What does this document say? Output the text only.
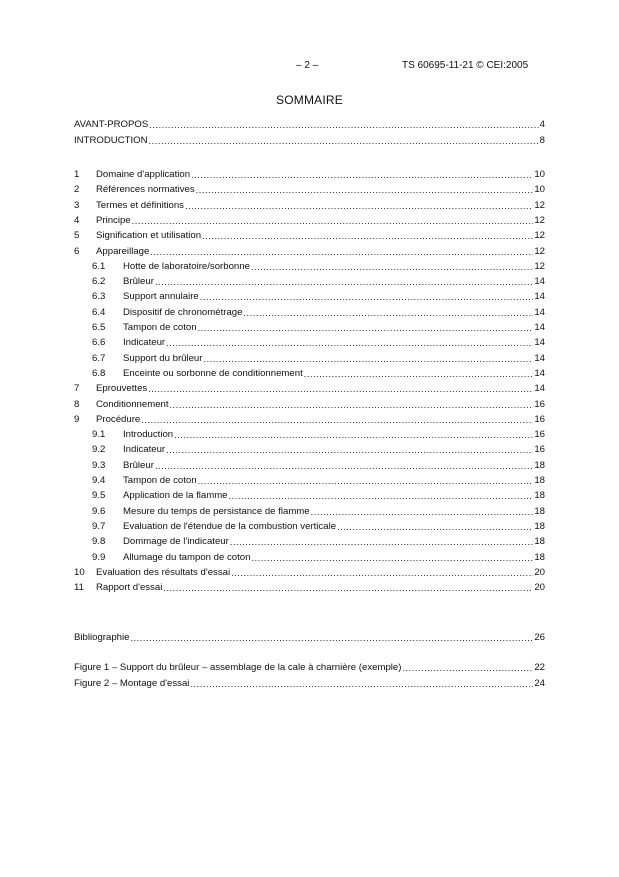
– 2 –	TS 60695-11-21 © CEI:2005
SOMMAIRE
AVANT-PROPOS .....	4
INTRODUCTION .....	8
1	Domaine d'application .....	10
2	Références normatives .....	10
3	Termes et définitions .....	12
4	Principe .....	12
5	Signification et utilisation .....	12
6	Appareillage .....	12
6.1	Hotte de laboratoire/sorbonne .....	12
6.2	Brûleur .....	14
6.3	Support annulaire .....	14
6.4	Dispositif de chronométrage .....	14
6.5	Tampon de coton .....	14
6.6	Indicateur .....	14
6.7	Support du brûleur .....	14
6.8	Enceinte ou sorbonne de conditionnement .....	14
7	Eprouvettes .....	14
8	Conditionnement .....	16
9	Procédure .....	16
9.1	Introduction .....	16
9.2	Indicateur .....	16
9.3	Brûleur .....	18
9.4	Tampon de coton .....	18
9.5	Application de la flamme .....	18
9.6	Mesure du temps de persistance de flamme .....	18
9.7	Evaluation de l'étendue de la combustion verticale .....	18
9.8	Dommage de l'indicateur .....	18
9.9	Allumage du tampon de coton .....	18
10	Evaluation des résultats d'essai .....	20
11	Rapport d'essai .....	20
Bibliographie .....	26
Figure 1 – Support du brûleur – assemblage de la cale à charnière (exemple) .....	22
Figure 2 – Montage d'essai .....	24
